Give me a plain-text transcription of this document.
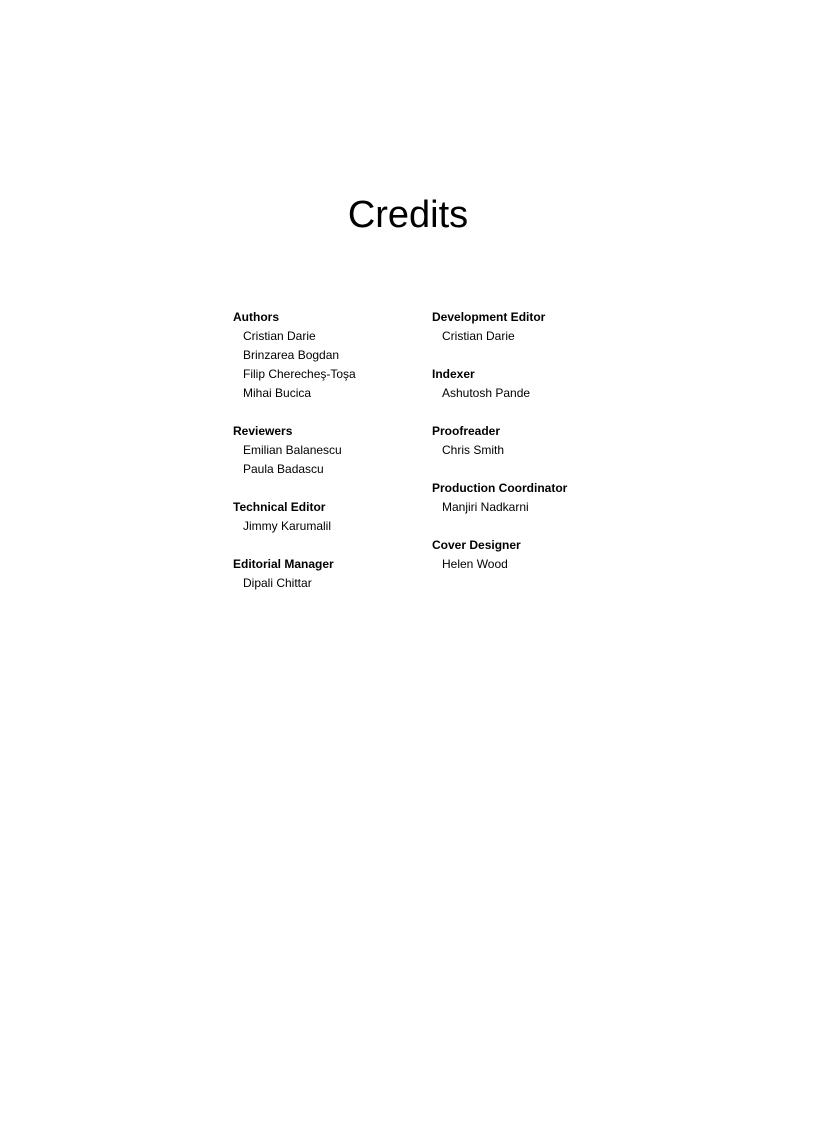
Credits
Authors
Cristian Darie
Brinzarea Bogdan
Filip Cherecheş-Toşa
Mihai Bucica
Reviewers
Emilian Balanescu
Paula Badascu
Technical Editor
Jimmy Karumalil
Editorial Manager
Dipali Chittar
Development Editor
Cristian Darie
Indexer
Ashutosh Pande
Proofreader
Chris Smith
Production Coordinator
Manjiri Nadkarni
Cover Designer
Helen Wood
